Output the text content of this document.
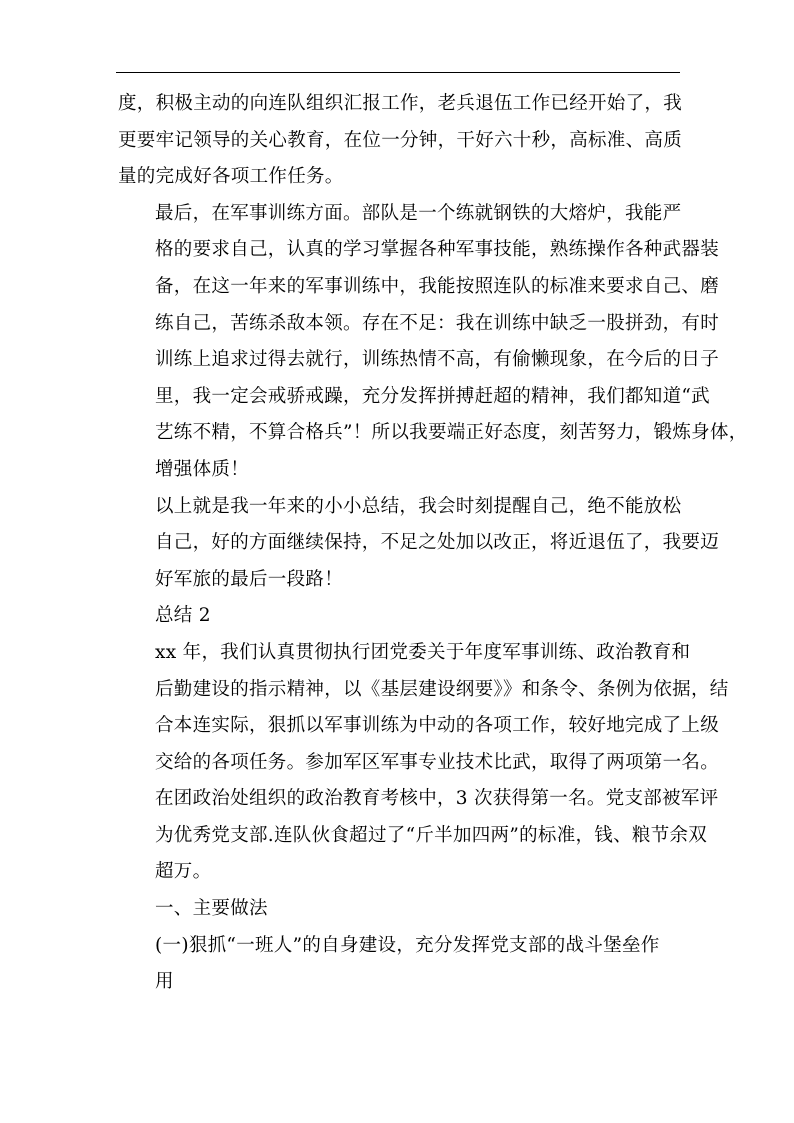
度，积极主动的向连队组织汇报工作，老兵退伍工作已经开始了，我
更要牢记领导的关心教育，在位一分钟，干好六十秒，高标准、高质
量的完成好各项工作任务。

最后，在军事训练方面。部队是一个练就钢铁的大熔炉，我能严
格的要求自己，认真的学习掌握各种军事技能，熟练操作各种武器装
备，在这一年来的军事训练中，我能按照连队的标准来要求自己、磨
练自己，苦练杀敌本领。存在不足：我在训练中缺乏一股拼劲，有时
训练上追求过得去就行，训练热情不高，有偷懒现象，在今后的日子
里，我一定会戒骄戒躁，充分发挥拼搏赶超的精神，我们都知道“武
艺练不精，不算合格兵”！所以我要端正好态度，刻苦努力，锻炼身体，
增强体质！

以上就是我一年来的小小总结，我会时刻提醒自己，绝不能放松
自己，好的方面继续保持，不足之处加以改正，将近退伍了，我要迈
好军旅的最后一段路！

总结 2

xx 年，我们认真贯彻执行团党委关于年度军事训练、政治教育和
后勤建设的指示精神，以《基层建设纲要》》和条令、条例为依据，结
合本连实际，狠抓以军事训练为中动的各项工作，较好地完成了上级
交给的各项任务。参加军区军事专业技术比武，取得了两项第一名。
在团政治处组织的政治教育考核中，3 次获得第一名。党支部被军评
为优秀党支部.连队伙食超过了“斤半加四两”的标准，钱、粮节余双
超万。

一、主要做法

(一)狠抓“一班人”的自身建设，充分发挥党支部的战斗堡垒作
用
